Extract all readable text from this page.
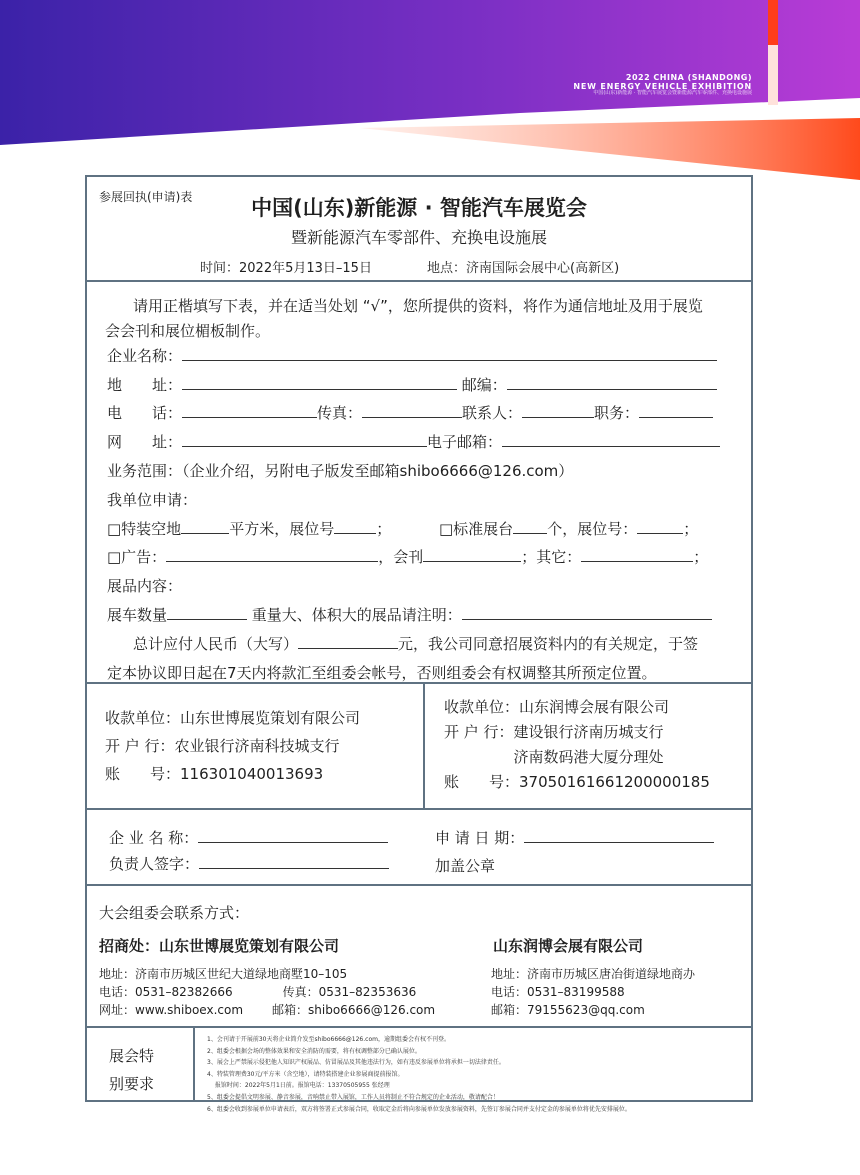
2022 CHINA (SHANDONG)
NEW ENERGY VEHICLE EXHIBITION
中国(山东)新能源 · 智能汽车展览会暨新能源汽车零部件、充换电设施展
参展回执(申请)表	中国(山东)新能源 · 智能汽车展览会
暨新能源汽车零部件、充换电设施展
时间：2022年5月13日–15日	地点：济南国际会展中心(高新区)
请用正楷填写下表，并在适当处划 “√”，您所提供的资料，将作为通信地址及用于展览
会会刊和展位楣板制作。
企业名称：
地　　址：	邮编：
电　　话：	传真：	联系人：	职务：
网　　址：	电子邮箱：
业务范围：（企业介绍，另附电子版发至邮箱shibo6666@126.com）
我单位申请：
□特装空地	平方米，展位号	；	□标准展台 个，展位号：	；
□广告：	，会刊	；其它：	；
展品内容：
展车数量	重量大、体积大的展品请注明：
总计应付人民币（大写）	元，我公司同意招展资料内的有关规定，于签
定本协议即日起在7天内将款汇至组委会帐号，否则组委会有权调整其所预定位置。
收款单位：山东世博展览策划有限公司
开 户 行：农业银行济南科技城支行
账　　号：116301040013693
收款单位：山东润博会展有限公司
开 户 行：建设银行济南历城支行
济南数码港大厦分理处
账　　号：37050161661200000185
企 业 名 称：
负责人签字：
申 请 日 期：
加盖公章
大会组委会联系方式：
招商处：山东世博展览策划有限公司	山东润博会展有限公司
地址：济南市历城区世纪大道绿地商墅10–105
电话：0531–82382666	传真：0531–82353636
网址：www.shiboex.com 邮箱：shibo6666@126.com
地址：济南市历城区唐冶街道绿地商办
电话：0531–83199588
邮箱：79155623@qq.com
展会特
别要求
1、会刊请于开展前30天将企业简介发至shibo6666@126.com，逾期组委会有权不刊登。
2、组委会根据会场的整体效果和安全消防的需要，将有权调整部分已确认展位。
3、展会上严禁展示侵犯他人知识产权展品、仿冒展品及其他违法行为，如有违反参展单位将承担一切法律责任。
4、特装管理费30元/平方米（含空地），请特装搭建企业参展商提前报馆。
　 报馆时间：2022年5月1日前。报馆电话：13370505955 张经理
5、组委会提倡文明参展、静音参展，音响禁止带入展馆，工作人员将制止不符合规定的企业活动，敬请配合！
6、组委会收到参展单位申请表后，双方将签署正式参展合同，收取定金后将向参展单位发放参展资料，先签订参展合同并支付定金的参展单位将优先安排展位。
